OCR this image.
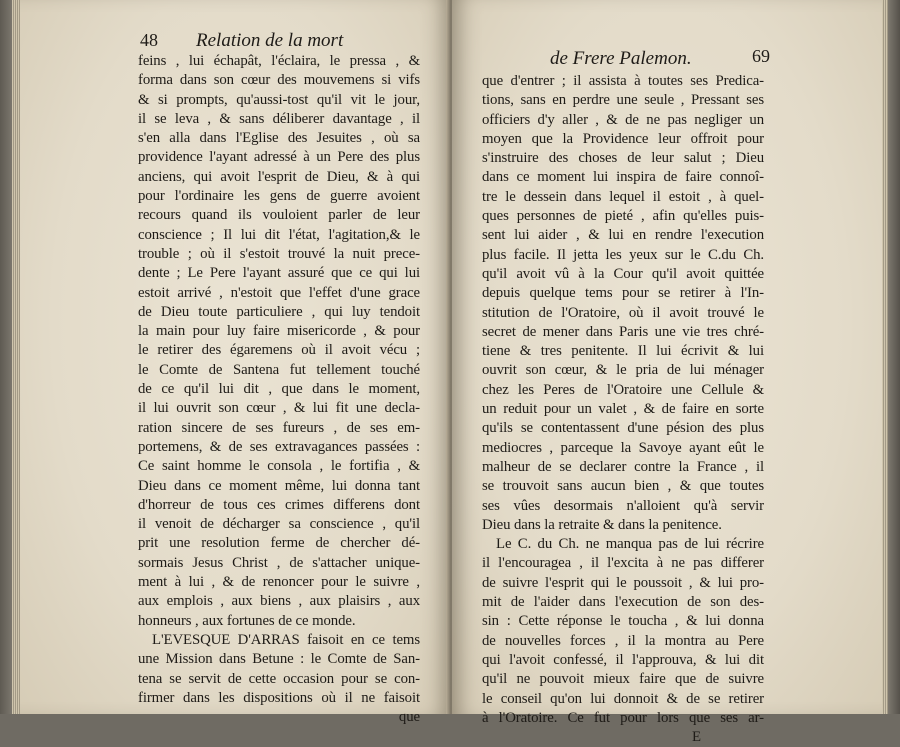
48 Relation de la mort
feins , lui échapât, l'éclaira, le pressa , &
forma dans son cœur des mouvemens si vifs
& si prompts, qu'aussi-tost qu'il vit le jour,
il se leva , & sans déliberer davantage , il
s'en alla dans l'Eglise des Jesuites , où sa
providence l'ayant adressé à un Pere des plus
anciens, qui avoit l'esprit de Dieu, & à qui
pour l'ordinaire les gens de guerre avoient
recours quand ils vouloient parler de leur
conscience ; Il lui dit l'état, l'agitation,& le
trouble ; où il s'estoit trouvé la nuit prece-
dente ; Le Pere l'ayant assuré que ce qui lui
estoit arrivé , n'estoit que l'effet d'une grace
de Dieu toute particuliere , qui luy tendoit
la main pour luy faire misericorde , & pour
le retirer des égaremens où il avoit vécu ;
le Comte de Santena fut tellement touché
de ce qu'il lui dit , que dans le moment,
il lui ouvrit son cœur , & lui fit une decla-
ration sincere de ses fureurs , de ses em-
portemens, & de ses extravagances passées :
Ce saint homme le consola , le fortifia , &
Dieu dans ce moment même, lui donna tant
d'horreur de tous ces crimes differens dont
il venoit de décharger sa conscience , qu'il
prit une resolution ferme de chercher dé-
sormais Jesus Christ , de s'attacher unique-
ment à lui , & de renoncer pour le suivre ,
aux emplois , aux biens , aux plaisirs , aux
honneurs , aux fortunes de ce monde.
L'EVESQUE D'ARRAS faisoit en ce tems
une Mission dans Betune : le Comte de San-
tena se servit de cette occasion pour se con-
firmer dans les dispositions où il ne faisoit
que
de Frere Palemon.	69
que d'entrer ; il assista à toutes ses Predica-
tions, sans en perdre une seule , Pressant ses
officiers d'y aller , & de ne pas negliger un
moyen que la Providence leur offroit pour
s'instruire des choses de leur salut ; Dieu
dans ce moment lui inspira de faire connoî-
tre le dessein dans lequel il estoit , à quel-
ques personnes de pieté , afin qu'elles puis-
sent lui aider , & lui en rendre l'execution
plus facile. Il jetta les yeux sur le C.du Ch.
qu'il avoit vû à la Cour qu'il avoit quittée
depuis quelque tems pour se retirer à l'In-
stitution de l'Oratoire, où il avoit trouvé le
secret de mener dans Paris une vie tres chré-
tiene & tres penitente. Il lui écrivit & lui
ouvrit son cœur, & le pria de lui ménager
chez les Peres de l'Oratoire une Cellule &
un reduit pour un valet , & de faire en sorte
qu'ils se contentassent d'une pésion des plus
mediocres , parceque la Savoye ayant eût le
malheur de se declarer contre la France , il
se trouvoit sans aucun bien , & que toutes
ses vûes desormais n'alloient qu'à servir
Dieu dans la retraite & dans la penitence.
Le C. du Ch. ne manqua pas de lui récrire
il l'encouragea , il l'excita à ne pas differer
de suivre l'esprit qui le poussoit , & lui pro-
mit de l'aider dans l'execution de son des-
sin : Cette réponse le toucha , & lui donna
de nouvelles forces , il la montra au Pere
qui l'avoit confessé, il l'approuva, & lui dit
qu'il ne pouvoit mieux faire que de suivre
le conseil qu'on lui donnoit & de se retirer
à l'Oratoire. Ce fut pour lors que ses ar-
E
